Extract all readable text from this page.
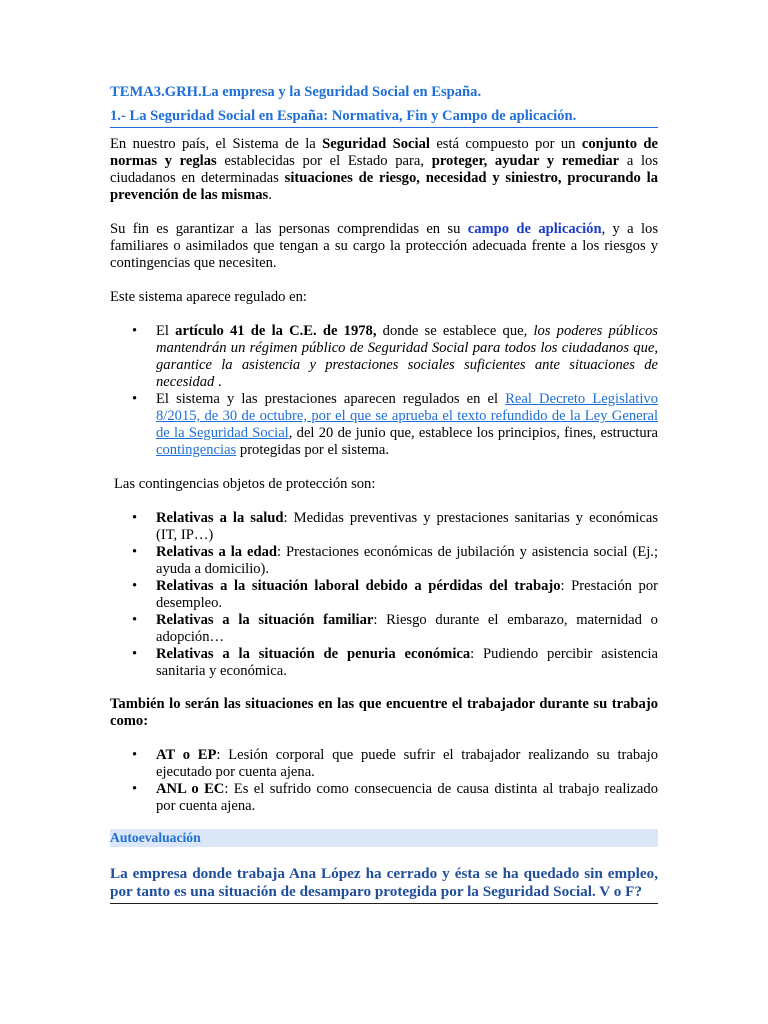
TEMA3.GRH.La empresa y la Seguridad Social en España.
1.- La Seguridad Social en España: Normativa, Fin y Campo de aplicación.

En nuestro país, el Sistema de la Seguridad Social está compuesto por un conjunto de normas y reglas establecidas por el Estado para, proteger, ayudar y remediar a los ciudadanos en determinadas situaciones de riesgo, necesidad y siniestro, procurando la prevención de las mismas.

Su fin es garantizar a las personas comprendidas en su campo de aplicación, y a los familiares o asimilados que tengan a su cargo la protección adecuada frente a los riesgos y contingencias que necesiten.

Este sistema aparece regulado en:

• El artículo 41 de la C.E. de 1978, donde se establece que, los poderes públicos mantendrán un régimen público de Seguridad Social para todos los ciudadanos que, garantice la asistencia y prestaciones sociales suficientes ante situaciones de necesidad .
• El sistema y las prestaciones aparecen regulados en el Real Decreto Legislativo 8/2015, de 30 de octubre, por el que se aprueba el texto refundido de la Ley General de la Seguridad Social, del 20 de junio que, establece los principios, fines, estructura contingencias protegidas por el sistema.

Las contingencias objetos de protección son:

• Relativas a la salud: Medidas preventivas y prestaciones sanitarias y económicas (IT, IP…)
• Relativas a la edad: Prestaciones económicas de jubilación y asistencia social (Ej.; ayuda a domicilio).
• Relativas a la situación laboral debido a pérdidas del trabajo: Prestación por desempleo.
• Relativas a la situación familiar: Riesgo durante el embarazo, maternidad o adopción…
• Relativas a la situación de penuria económica: Pudiendo percibir asistencia sanitaria y económica.

También lo serán las situaciones en las que encuentre el trabajador durante su trabajo como:

• AT o EP: Lesión corporal que puede sufrir el trabajador realizando su trabajo ejecutado por cuenta ajena.
• ANL o EC: Es el sufrido como consecuencia de causa distinta al trabajo realizado por cuenta ajena.
Autoevaluación
La empresa donde trabaja Ana López ha cerrado y ésta se ha quedado sin empleo, por tanto es una situación de desamparo protegida por la Seguridad Social. V o F?
